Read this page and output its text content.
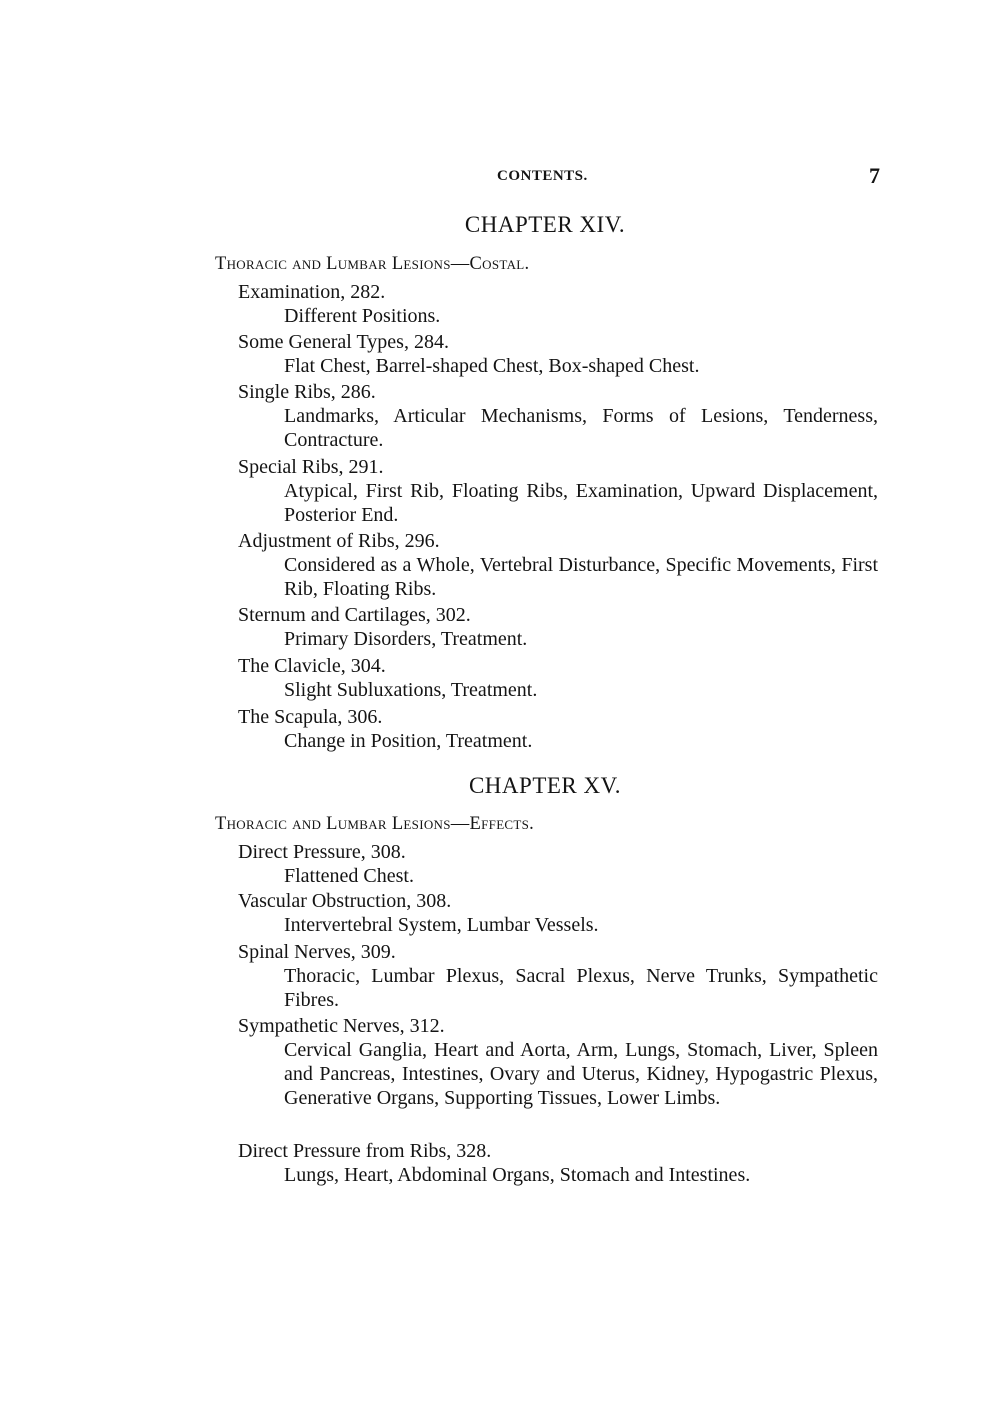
CONTENTS.	7
CHAPTER XIV.
Thoracic and Lumbar Lesions—Costal.

Examination, 282.

Different Positions.

Some General Types, 284.

Flat Chest, Barrel-shaped Chest, Box-shaped Chest.

Single Ribs, 286.

Landmarks, Articular Mechanisms, Forms of Lesions, Tenderness, Contracture.

Special Ribs, 291.

Atypical, First Rib, Floating Ribs, Examination, Upward Displacement, Posterior End.

Adjustment of Ribs, 296.

Considered as a Whole, Vertebral Disturbance, Specific Movements, First Rib, Floating Ribs.

Sternum and Cartilages, 302.

Primary Disorders, Treatment.

The Clavicle, 304.

Slight Subluxations, Treatment.

The Scapula, 306.

Change in Position, Treatment.

CHAPTER XV.
Thoracic and Lumbar Lesions—Effects.

Direct Pressure, 308.

Flattened Chest.

Vascular Obstruction, 308.

Intervertebral System, Lumbar Vessels.

Spinal Nerves, 309.

Thoracic, Lumbar Plexus, Sacral Plexus, Nerve Trunks, Sympathetic Fibres.

Sympathetic Nerves, 312.

Cervical Ganglia, Heart and Aorta, Arm, Lungs, Stomach, Liver, Spleen and Pancreas, Intestines, Ovary and Uterus, Kidney, Hypogastric Plexus, Generative Organs, Supporting Tissues, Lower Limbs.

Direct Pressure from Ribs, 328.

Lungs, Heart, Abdominal Organs, Stomach and Intestines.
